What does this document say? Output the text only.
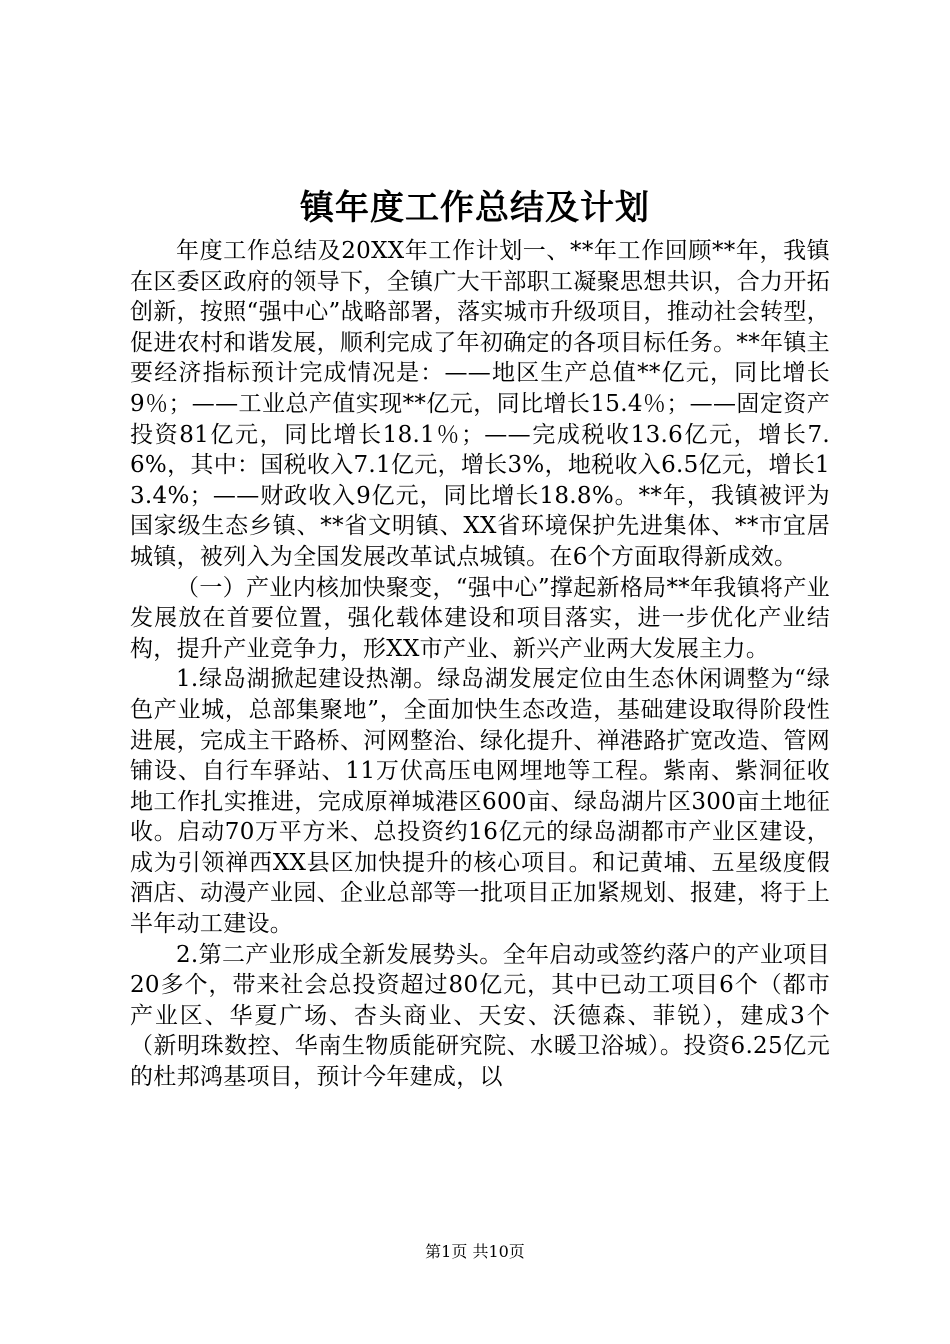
镇年度工作总结及计划

年度工作总结及20XX年工作计划一、**年工作回顾**年，我镇在区委区政府的领导下，全镇广大干部职工凝聚思想共识，合力开拓创新，按照“强中心”战略部署，落实城市升级项目，推动社会转型，促进农村和谐发展，顺利完成了年初确定的各项目标任务。**年镇主要经济指标预计完成情况是：——地区生产总值**亿元，同比增长9％；——工业总产值实现**亿元，同比增长15.4％；——固定资产投资81亿元，同比增长18.1％；——完成税收13.6亿元，增长7.6%，其中：国税收入7.1亿元，增长3%，地税收入6.5亿元，增长13.4%；——财政收入9亿元，同比增长18.8%。**年，我镇被评为国家级生态乡镇、**省文明镇、XX省环境保护先进集体、**市宜居城镇，被列入为全国发展改革试点城镇。在6个方面取得新成效。

（一）产业内核加快聚变，“强中心”撑起新格局**年我镇将产业发展放在首要位置，强化载体建设和项目落实，进一步优化产业结构，提升产业竞争力，形XX市产业、新兴产业两大发展主力。

1.绿岛湖掀起建设热潮。绿岛湖发展定位由生态休闲调整为“绿色产业城，总部集聚地”，全面加快生态改造，基础建设取得阶段性进展，完成主干路桥、河网整治、绿化提升、禅港路扩宽改造、管网铺设、自行车驿站、11万伏高压电网埋地等工程。紫南、紫洞征收地工作扎实推进，完成原禅城港区600亩、绿岛湖片区300亩土地征收。启动70万平方米、总投资约16亿元的绿岛湖都市产业区建设，成为引领禅西XX县区加快提升的核心项目。和记黄埔、五星级度假酒店、动漫产业园、企业总部等一批项目正加紧规划、报建，将于上半年动工建设。

2.第二产业形成全新发展势头。全年启动或签约落户的产业项目20多个，带来社会总投资超过80亿元，其中已动工项目6个（都市产业区、华夏广场、杏头商业、天安、沃德森、菲锐），建成3个（新明珠数控、华南生物质能研究院、水暖卫浴城）。投资6.25亿元的杜邦鸿基项目，预计今年建成，以

第1页 共10页
